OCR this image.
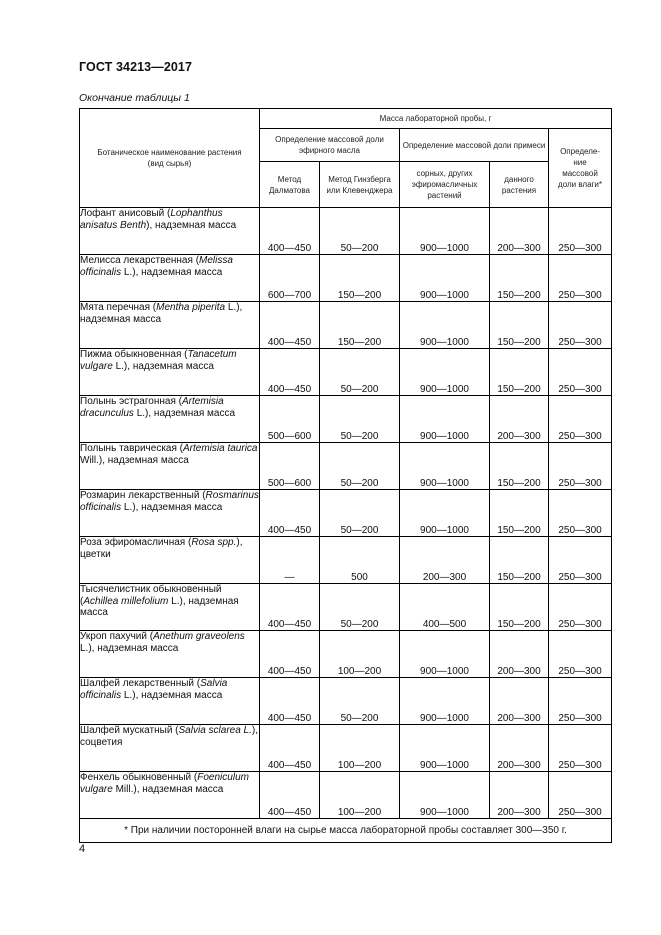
ГОСТ 34213—2017
Окончание таблицы 1
Ботаническое наименование растения (вид сырья)	Массa лабораторной пробы, г				
	Определение массовой доли эфирного масла		Определение массовой доли примеси		Определе-ние массовой доли влаги*
	Метод Далматова	Метод Гинзберга или Клевенджера	сорных, других эфиромасличных растений	данного растения	
Лофант анисовый (Lophanthus anisatus Benth), надземная масса	400—450	50—200	900—1000	200—300	250—300
Мелисса лекарственная (Melissa officinalis L.), надземная масса	600—700	150—200	900—1000	150—200	250—300
Мята перечная (Mentha piperita L.), надземная масса	400—450	150—200	900—1000	150—200	250—300
Пижма обыкновенная (Tanacetum vulgare L.), надземная масса	400—450	50—200	900—1000	150—200	250—300
Полынь эстрагонная (Artemisia dracunculus L.), надземная масса	500—600	50—200	900—1000	200—300	250—300
Полынь таврическая (Artemisia taurica Will.), надземная масса	500—600	50—200	900—1000	150—200	250—300
Розмарин лекарственный (Rosmarinus officinalis L.), надземная масса	400—450	50—200	900—1000	150—200	250—300
Роза эфиромасличная (Rosa spp.), цветки	—	500	200—300	150—200	250—300
Тысячелистник обыкновенный (Achillea millefolium L.), надземная масса	400—450	50—200	400—500	150—200	250—300
Укроп пахучий (Anethum graveolens L.), надземная масса	400—450	100—200	900—1000	200—300	250—300
Шалфей лекарственный (Salvia officinalis L.), надземная масса	400—450	50—200	900—1000	200—300	250—300
Шалфей мускатный (Salvia sclarea L.), соцветия	400—450	100—200	900—1000	200—300	250—300
Фенхель обыкновенный (Foeniculum vulgare Mill.), надземная масса	400—450	100—200	900—1000	200—300	250—300
* При наличии посторонней влаги на сырье масса лабораторной пробы составляет 300—350 г.					
4
